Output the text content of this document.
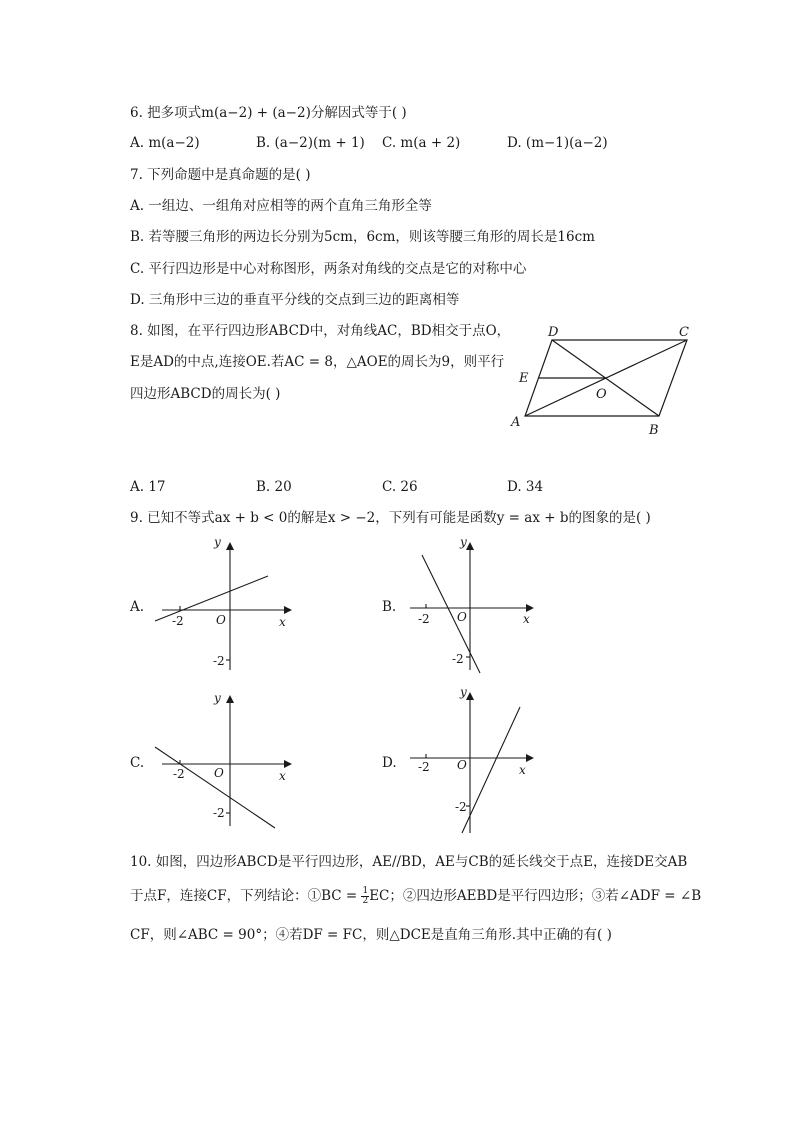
6. 把多项式m(a−2) + (a−2)分解因式等于( )
A. m(a−2)	B. (a−2)(m + 1) C. m(a + 2)	D. (m−1)(a−2)
7. 下列命题中是真命题的是( )
A. 一组边、一组角对应相等的两个直角三角形全等
B. 若等腰三角形的两边长分别为5cm，6cm，则该等腰三角形的周长是16cm
C. 平行四边形是中心对称图形，两条对角线的交点是它的对称中心
D. 三角形中三边的垂直平分线的交点到三边的距离相等
8. 如图，在平行四边形ABCD中，对角线AC，BD相交于点O，
E是AD的中点,连接OE.若AC = 8，△AOE的周长为9，则平行
四边形ABCD的周长为( )
D	C
E
O
A
B
A. 17	B. 20	C. 26	D. 34
9. 已知不等式ax + b < 0的解是x > −2，下列有可能是函数y = ax + b的图象的是( )
A.
y
x
O
-2
-2
B.
y
x
O
-2
-2
C.
y
x
O
-2
-2
D.
y
x
O
-2
-2
10. 如图，四边形ABCD是平行四边形，AE//BD，AE与CB的延长线交于点E，连接DE交AB
于点F，连接CF，下列结论：①BC = $\frac{1}{2}$ EC；②四边形AEBD是平行四边形；③若∠ADF = ∠B
CF，则∠ABC = 90°；④若DF = FC，则△DCE是直角三角形.其中正确的有( )
